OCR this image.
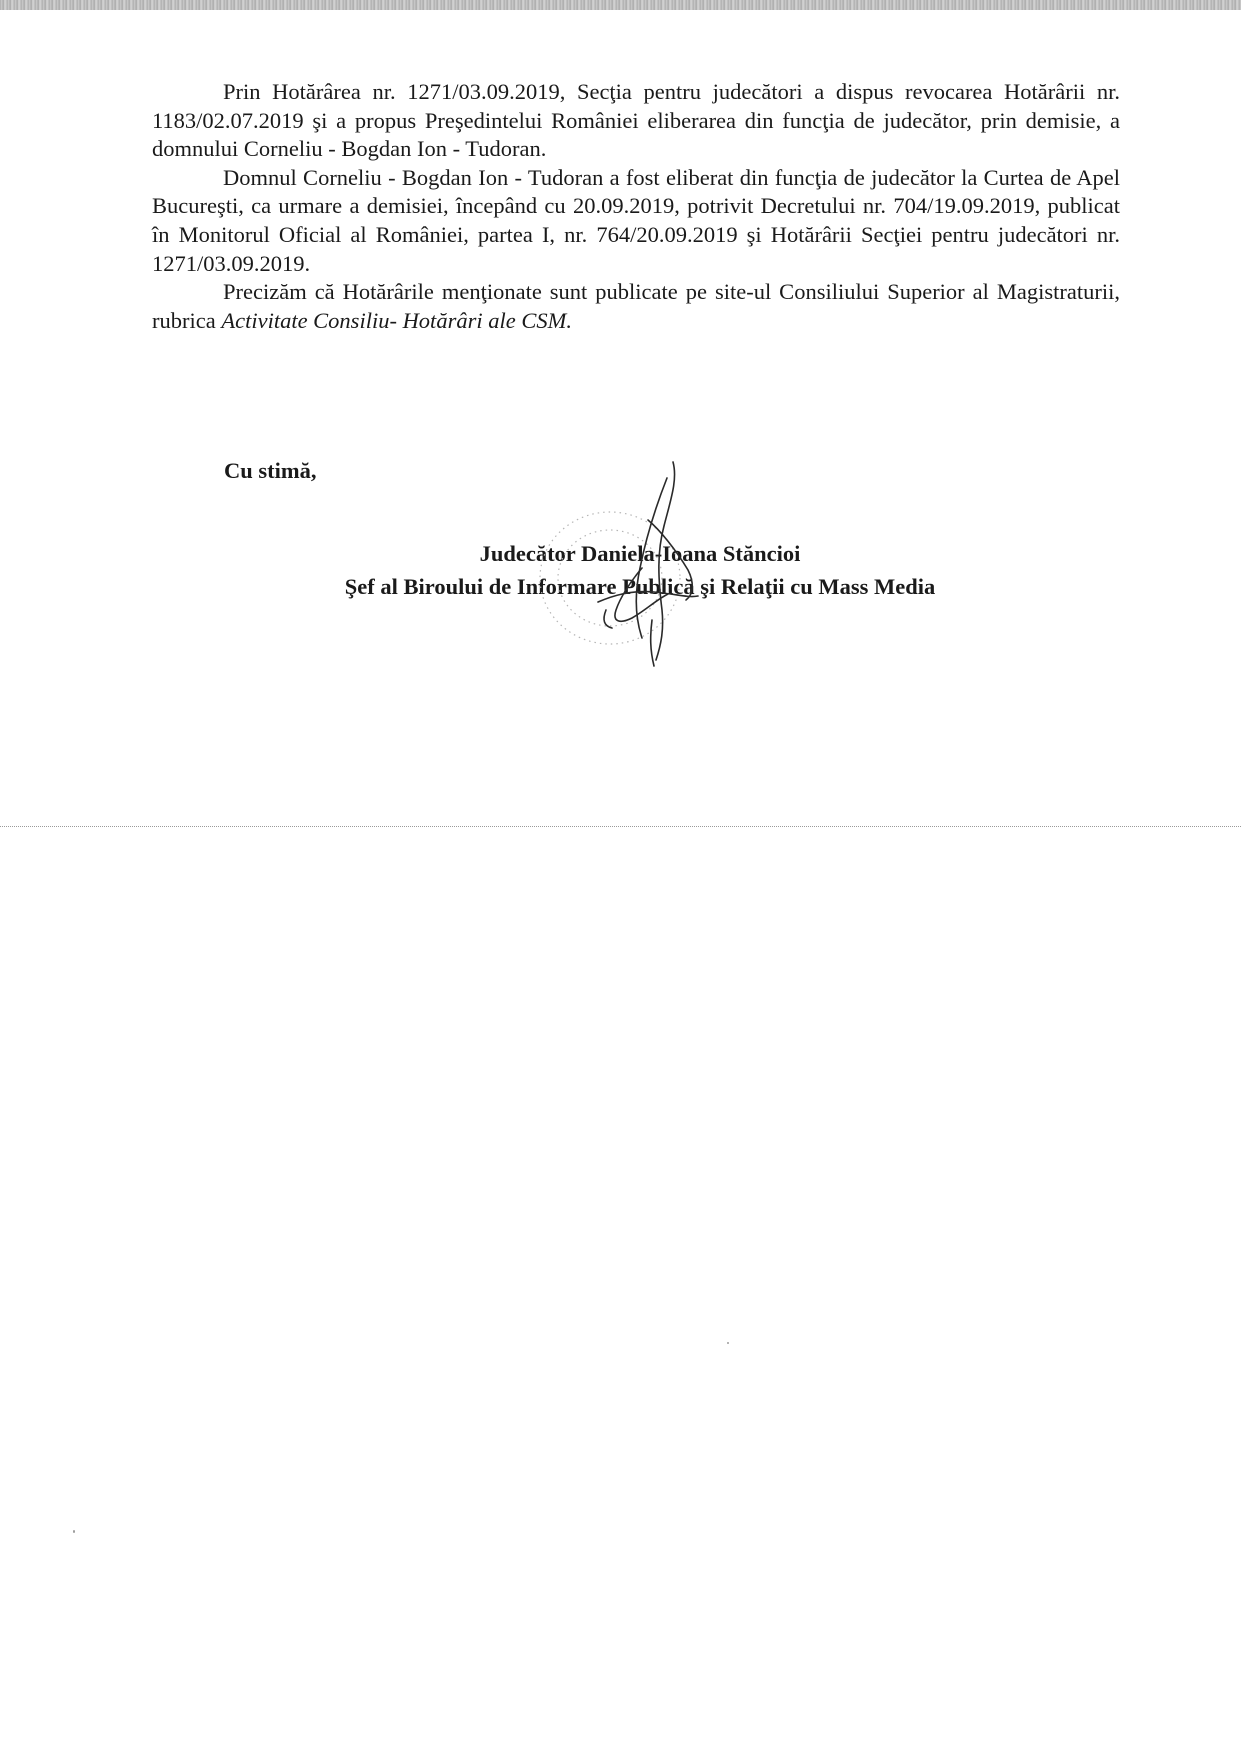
Prin Hotărârea nr. 1271/03.09.2019, Secţia pentru judecători a dispus revocarea Hotărârii nr. 1183/02.07.2019 şi a propus Preşedintelui României eliberarea din funcţia de judecător, prin demisie, a domnului Corneliu - Bogdan Ion - Tudoran.

Domnul Corneliu - Bogdan Ion - Tudoran a fost eliberat din funcţia de judecător la Curtea de Apel Bucureşti, ca urmare a demisiei, începând cu 20.09.2019, potrivit Decretului nr. 704/19.09.2019, publicat în Monitorul Oficial al României, partea I, nr. 764/20.09.2019 şi Hotărârii Secţiei pentru judecători nr. 1271/03.09.2019.

Precizăm că Hotărârile menţionate sunt publicate pe site-ul Consiliului Superior al Magistraturii, rubrica Activitate Consiliu- Hotărâri ale CSM.

Cu stimă,
Judecător Daniela-Ioana Stăncioi
Şef al Biroului de Informare Publică şi Relaţii cu Mass Media
